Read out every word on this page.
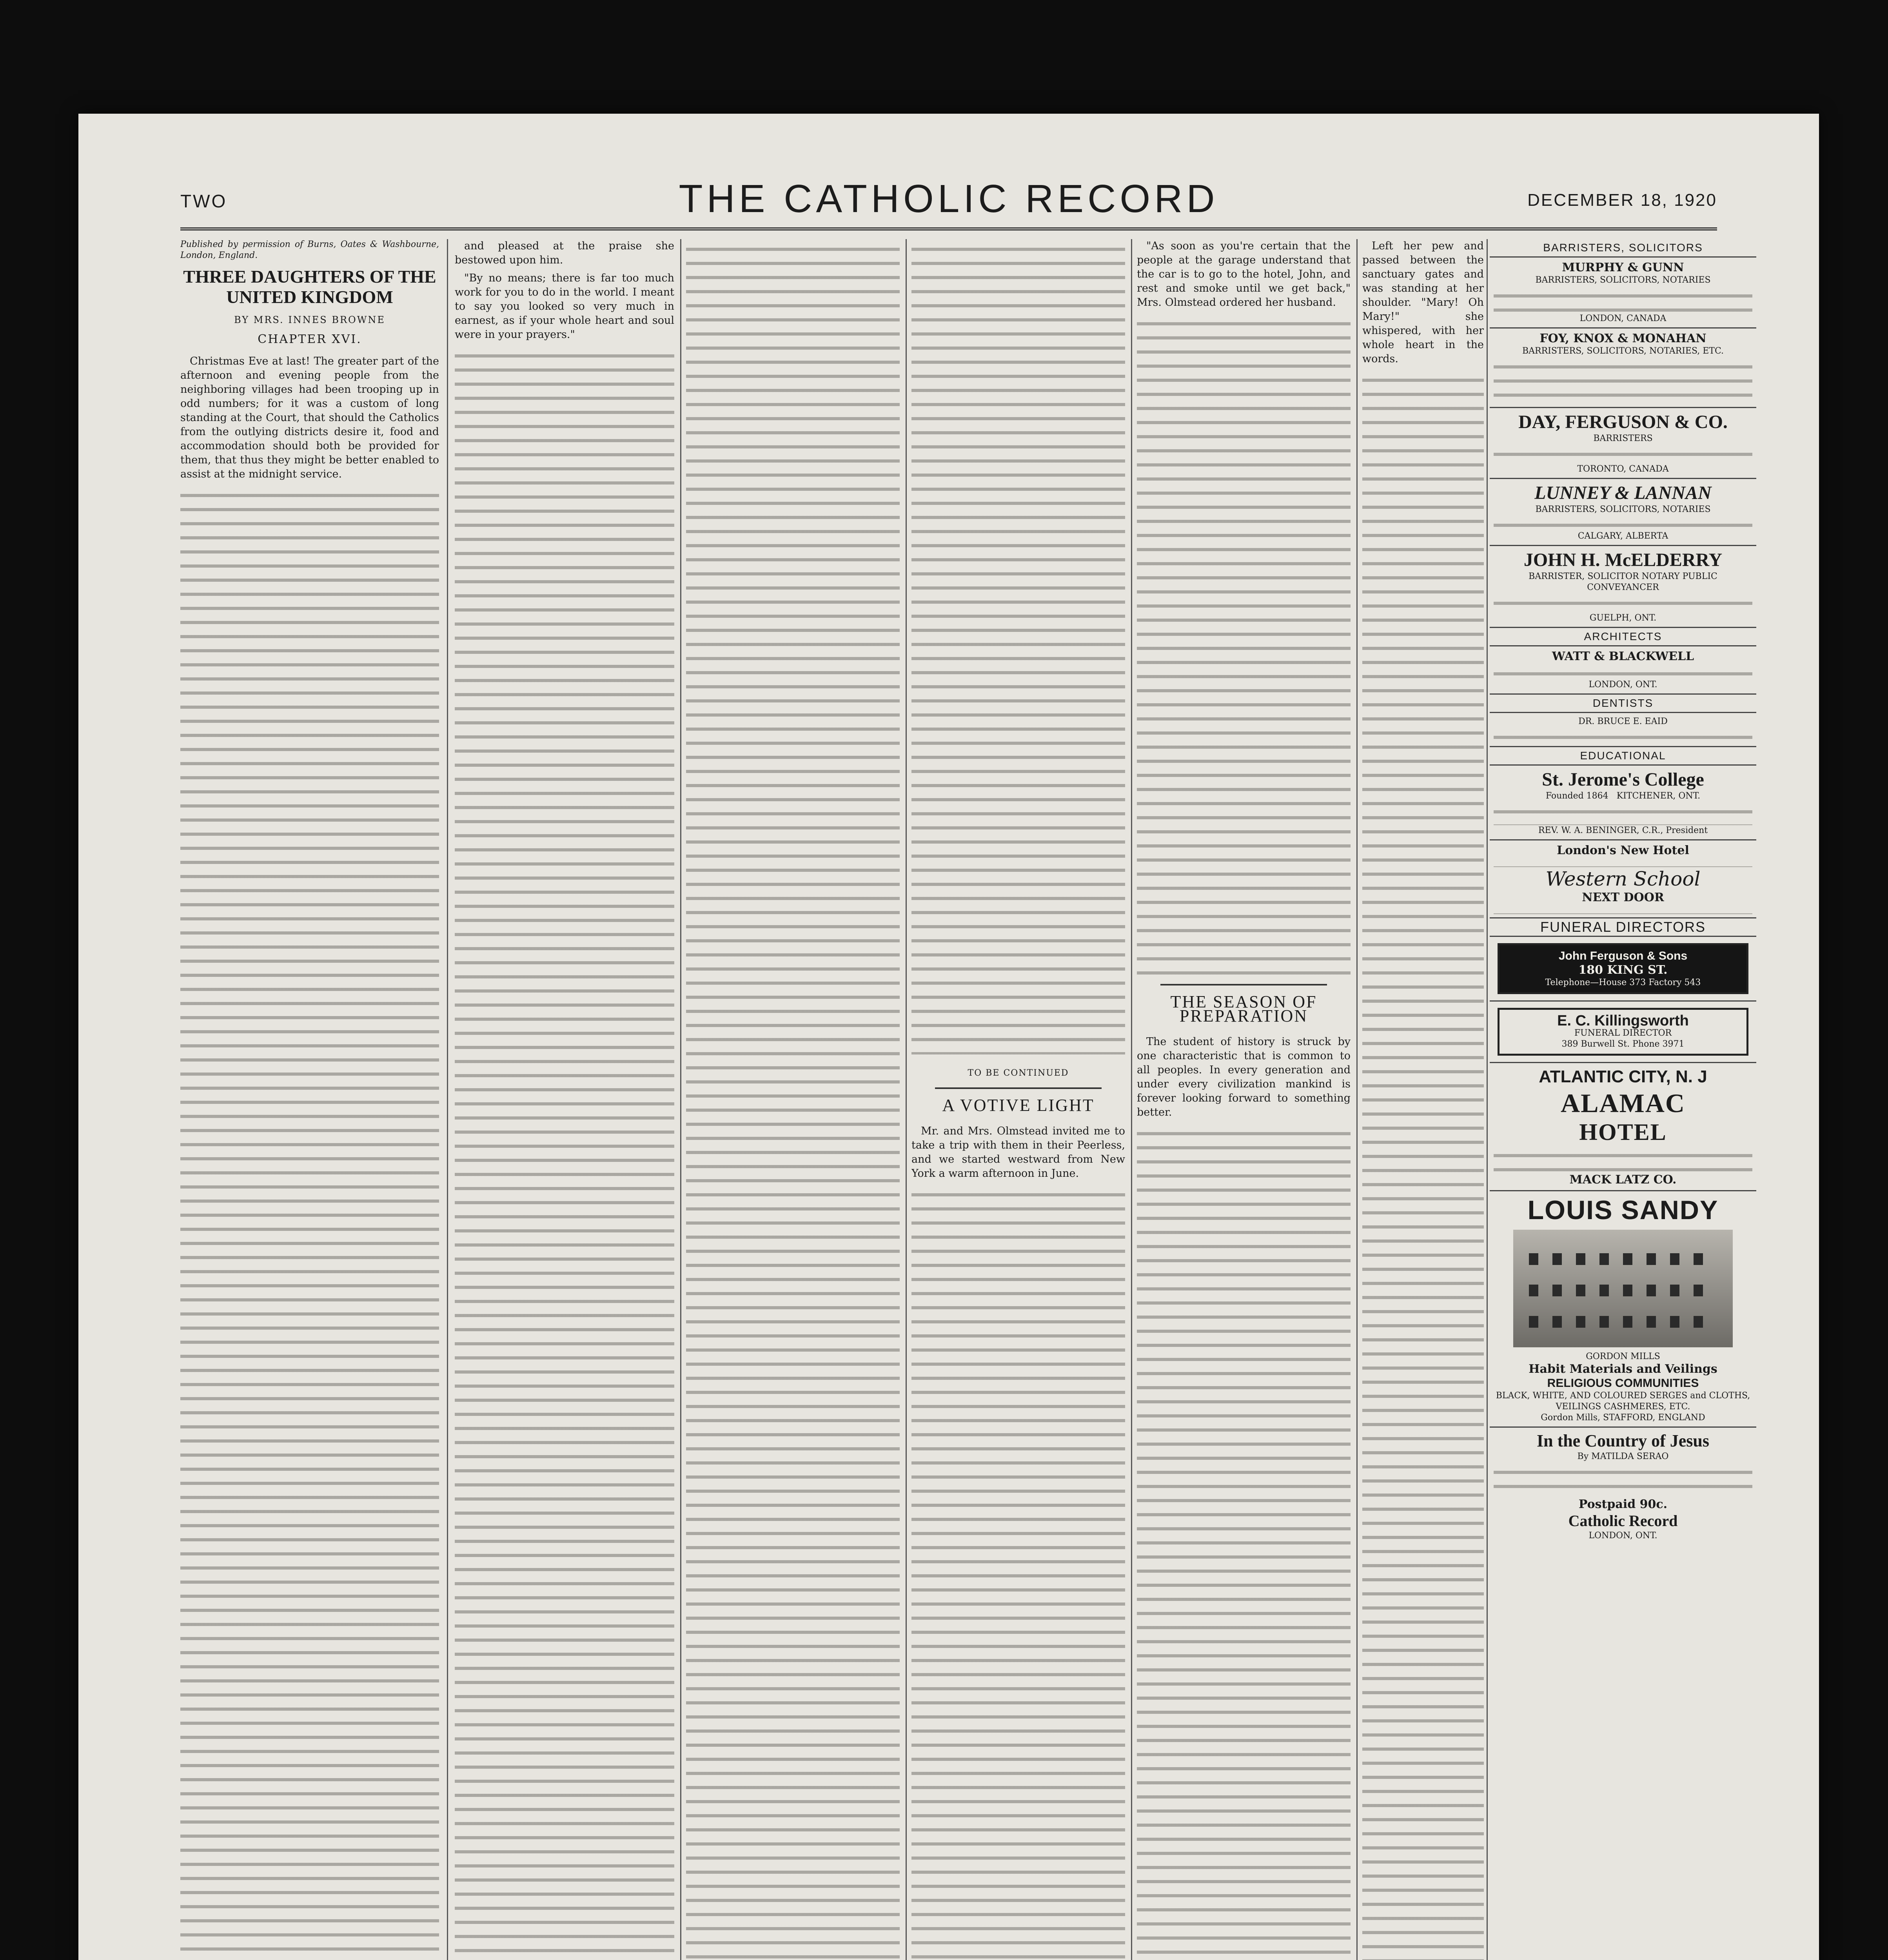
TWO	THE CATHOLIC RECORD	DECEMBER 18, 1920
Published by permission of Burns, Oates & Washbourne, London, England.
THREE DAUGHTERS OF THE UNITED KINGDOM
BY MRS. INNES BROWNE
CHAPTER XVI.

Christmas Eve at last! The greater part of the afternoon and evening people from the neighboring villages had been trooping up in odd numbers; for it was a custom of long standing at the Court, that should the Catholics from the outlying districts desire it, food and accommodation should both be provided for them, that thus they might be better enabled to assist at the midnight service.

and pleased at the praise she bestowed upon him.

"By no means; there is far too much work for you to do in the world. I meant to say you looked so very much in earnest, as if your whole heart and soul were in your prayers."

TO BE CONTINUED
A VOTIVE LIGHT

Mr. and Mrs. Olmstead invited me to take a trip with them in their Peerless, and we started westward from New York a warm afternoon in June.

"As soon as you're certain that the people at the garage understand that the car is to go to the hotel, John, and rest and smoke until we get back," Mrs. Olmstead ordered her husband.

THE SEASON OF PREPARATION

The student of history is struck by one characteristic that is common to all peoples. In every generation and under every civilization mankind is forever looking forward to something better.

Left her pew and passed between the sanctuary gates and was standing at her shoulder. "Mary! Oh Mary!" she whispered, with her whole heart in the words.

BARRISTERS, SOLICITORS
MURPHY & GUNN
BARRISTERS, SOLICITORS, NOTARIES
LONDON, CANADA
FOY, KNOX & MONAHAN
BARRISTERS, SOLICITORS, NOTARIES, ETC.
DAY, FERGUSON & CO.
BARRISTERS
TORONTO, CANADA
LUNNEY & LANNAN
BARRISTERS, SOLICITORS, NOTARIES
CALGARY, ALBERTA
JOHN H. McELDERRY
BARRISTER, SOLICITOR NOTARY PUBLIC CONVEYANCER
GUELPH, ONT.
ARCHITECTS
WATT & BLACKWELL
LONDON, ONT.
DENTISTS
DR. BRUCE E. EAID
EDUCATIONAL
St. Jerome's College
Founded 1864 KITCHENER, ONT.
REV. W. A. BENINGER, C.R., President
London's New Hotel
Western School
NEXT DOOR
FUNERAL DIRECTORS
John Ferguson & Sons
180 KING ST.
Telephone—House 373 Factory 543
E. C. Killingsworth
FUNERAL DIRECTOR
389 Burwell St. Phone 3971
ATLANTIC CITY, N. J
ALAMAC
HOTEL
MACK LATZ CO.
LOUIS SANDY
GORDON MILLS
Habit Materials and Veilings
RELIGIOUS COMMUNITIES
BLACK, WHITE, AND COLOURED SERGES and CLOTHS, VEILINGS CASHMERES, ETC.
Gordon Mills, STAFFORD, ENGLAND
In the Country of Jesus
By MATILDA SERAO
Postpaid 90c.
Catholic Record
LONDON, ONT.
